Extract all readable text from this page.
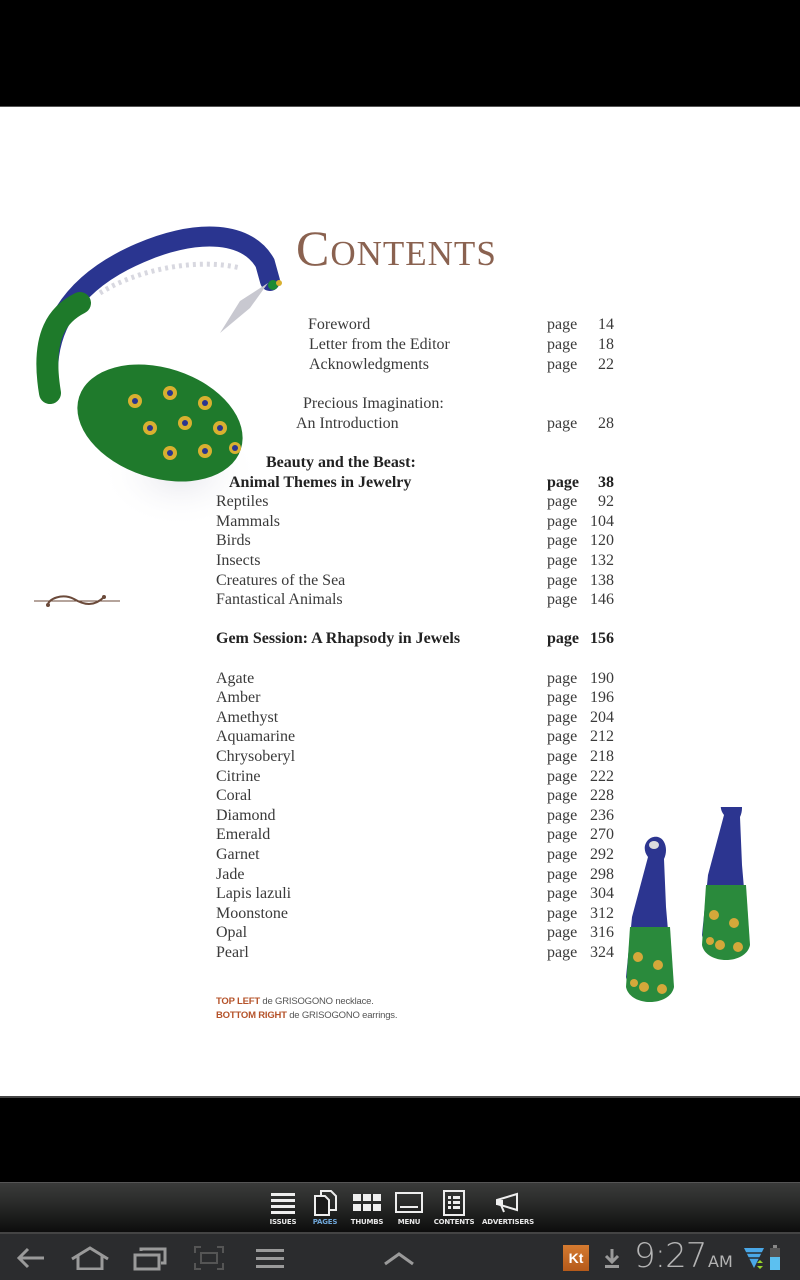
Contents
Foreword	page	14
Letter from the Editor	page	18
Acknowledgments	page	22
Precious Imagination:
An Introduction	page	28
Beauty and the Beast:
Animal Themes in Jewelry	page	38
Reptiles	page	92
Mammals	page 104
Birds	page 120
Insects	page 132
Creatures of the Sea	page 138
Fantastical Animals	page 146
Gem Session: A Rhapsody in Jewels	page 156
Agate	page 190
Amber	page 196
Amethyst	page 204
Aquamarine	page 212
Chrysoberyl	page 218
Citrine	page 222
Coral	page 228
Diamond	page 236
Emerald	page 270
Garnet	page 292
Jade	page 298
Lapis lazuli	page 304
Moonstone	page 312
Opal	page 316
Pearl	page 324
TOP LEFT de GRISOGONO necklace.
BOTTOM RIGHT de GRISOGONO earrings.
ISSUES PAGES THUMBS MENU CONTENTS ADVERTISERS
Kt 9:27 AM
